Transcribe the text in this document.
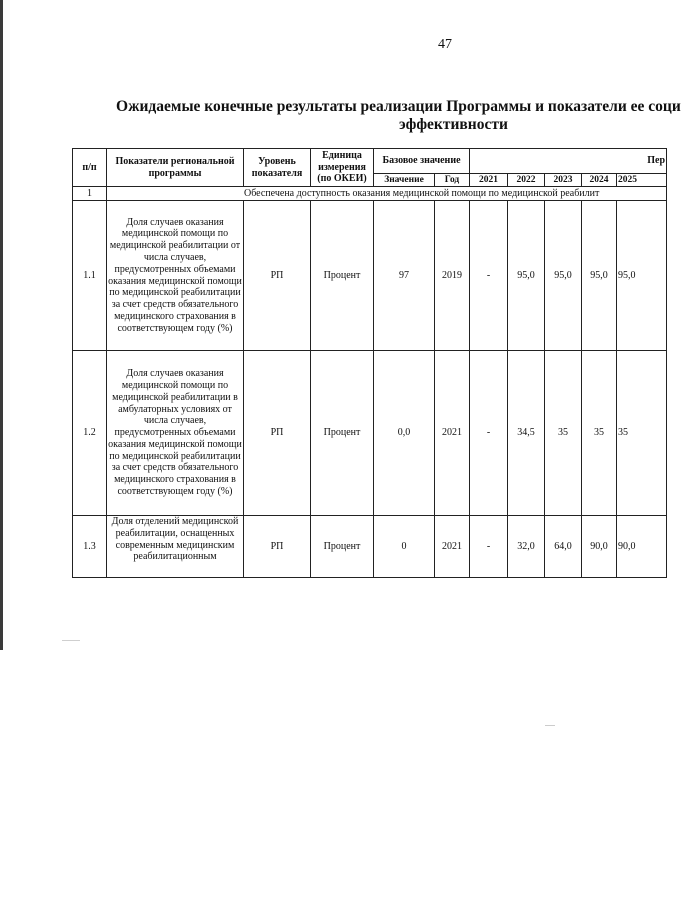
47
Ожидаемые конечные результаты реализации Программы и показатели ее соци
эффективности
п/п	Показатели региональной программы	Уровень показателя	Единица измерения (по ОКЕИ)	Базовое значение		Пер				
				Значение	Год	2021	2022	2023	2024	2025
1	Обеспечена доступность оказания медицинской помощи по медицинской реабилит									
1.1	Доля случаев оказания медицинской помощи по медицинской реабилитации от числа случаев, предусмотренных объемами оказания медицинской помощи по медицинской реабилитации за счет средств обязательного медицинского страхования в соответствующем году (%)	РП	Процент	97	2019	-	95,0	95,0	95,0	95,0
1.2	Доля случаев оказания медицинской помощи по медицинской реабилитации в амбулаторных условиях от числа случаев, предусмотренных объемами оказания медицинской помощи по медицинской реабилитации за счет средств обязательного медицинского страхования в соответствующем году (%)	РП	Процент	0,0	2021	-	34,5	35	35	35
1.3	Доля отделений медицинской реабилитации, оснащенных современным медицинским реабилитационным	РП	Процент	0	2021	-	32,0	64,0	90,0	90,0
